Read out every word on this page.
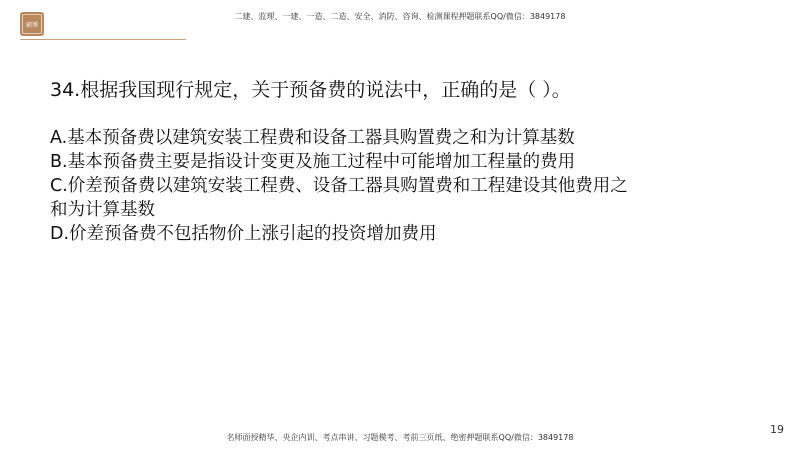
辅博
二建、监理、一建、一造、二造、安全、消防、咨询、检测课程押题联系QQ/微信：3849178

34.根据我国现行规定，关于预备费的说法中，正确的是（ ）。

A.基本预备费以建筑安装工程费和设备工器具购置费之和为计算基数

B.基本预备费主要是指设计变更及施工过程中可能增加工程量的费用

C.价差预备费以建筑安装工程费、设备工器具购置费和工程建设其他费用之和为计算基数

D.价差预备费不包括物价上涨引起的投资增加费用

名师面授精华、央企内训、考点串讲、习题模考、考前三页纸、绝密押题联系QQ/微信：3849178
19
